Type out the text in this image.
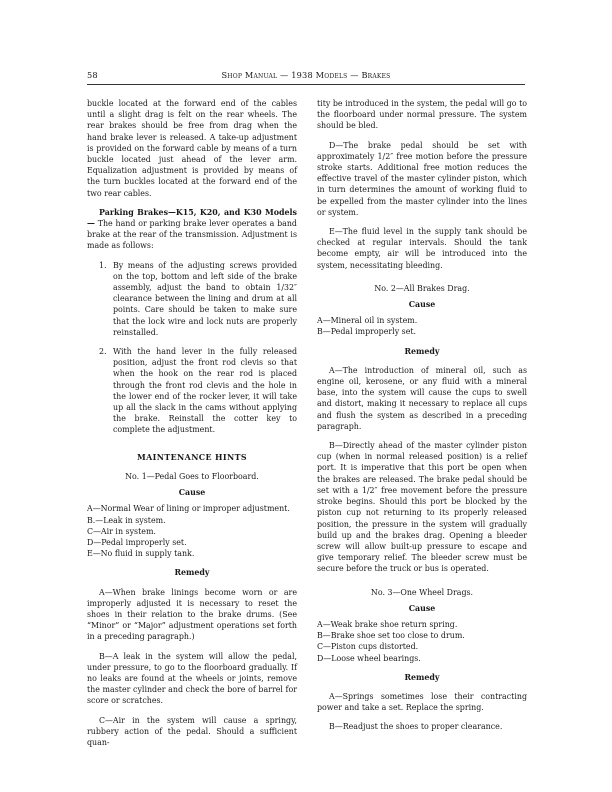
58	Shop Manual — 1938 Models — Brakes

buckle located at the forward end of the cables until a slight drag is felt on the rear wheels. The rear brakes should be free from drag when the hand brake lever is released. A take-up adjustment is provided on the forward cable by means of a turn buckle located just ahead of the lever arm. Equalization adjustment is provided by means of the turn buckles located at the forward end of the two rear cables.

Parking Brakes—K15, K20, and K30 Models— The hand or parking brake lever operates a band brake at the rear of the transmission. Adjustment is made as follows:

1. By means of the adjusting screws provided on the top, bottom and left side of the brake assembly, adjust the band to obtain 1/32″ clearance between the lining and drum at all points. Care should be taken to make sure that the lock wire and lock nuts are properly reinstalled.
2. With the hand lever in the fully released position, adjust the front rod clevis so that when the hook on the rear rod is placed through the front rod clevis and the hole in the lower end of the rocker lever, it will take up all the slack in the cams without applying the brake. Reinstall the cotter key to complete the adjustment.

MAINTENANCE HINTS

No. 1—Pedal Goes to Floorboard.

Cause

A—Normal Wear of lining or improper adjustment.

B.—Leak in system.

C—Air in system.

D—Pedal improperly set.

E—No fluid in supply tank.

Remedy

A—When brake linings become worn or are improperly adjusted it is necessary to reset the shoes in their relation to the brake drums. (See “Minor” or “Major” adjustment operations set forth in a preceding paragraph.)

B—A leak in the system will allow the pedal, under pressure, to go to the floorboard gradually. If no leaks are found at the wheels or joints, remove the master cylinder and check the bore of barrel for score or scratches.

C—Air in the system will cause a springy, rubbery action of the pedal. Should a sufficient quan-

tity be introduced in the system, the pedal will go to the floorboard under normal pressure. The system should be bled.

D—The brake pedal should be set with approximately 1/2″ free motion before the pressure stroke starts. Additional free motion reduces the effective travel of the master cylinder piston, which in turn determines the amount of working fluid to be expelled from the master cylinder into the lines or system.

E—The fluid level in the supply tank should be checked at regular intervals. Should the tank become empty, air will be introduced into the system, necessitating bleeding.

No. 2—All Brakes Drag.

Cause

A—Mineral oil in system.

B—Pedal improperly set.

Remedy

A—The introduction of mineral oil, such as engine oil, kerosene, or any fluid with a mineral base, into the system will cause the cups to swell and distort, making it necessary to replace all cups and flush the system as described in a preceding paragraph.

B—Directly ahead of the master cylinder piston cup (when in normal released position) is a relief port. It is imperative that this port be open when the brakes are released. The brake pedal should be set with a 1/2″ free movement before the pressure stroke begins. Should this port be blocked by the piston cup not returning to its properly released position, the pressure in the system will gradually build up and the brakes drag. Opening a bleeder screw will allow built-up pressure to escape and give temporary relief. The bleeder screw must be secure before the truck or bus is operated.

No. 3—One Wheel Drags.

Cause

A—Weak brake shoe return spring.

B—Brake shoe set too close to drum.

C—Piston cups distorted.

D—Loose wheel bearings.

Remedy

A—Springs sometimes lose their contracting power and take a set. Replace the spring.

B—Readjust the shoes to proper clearance.
